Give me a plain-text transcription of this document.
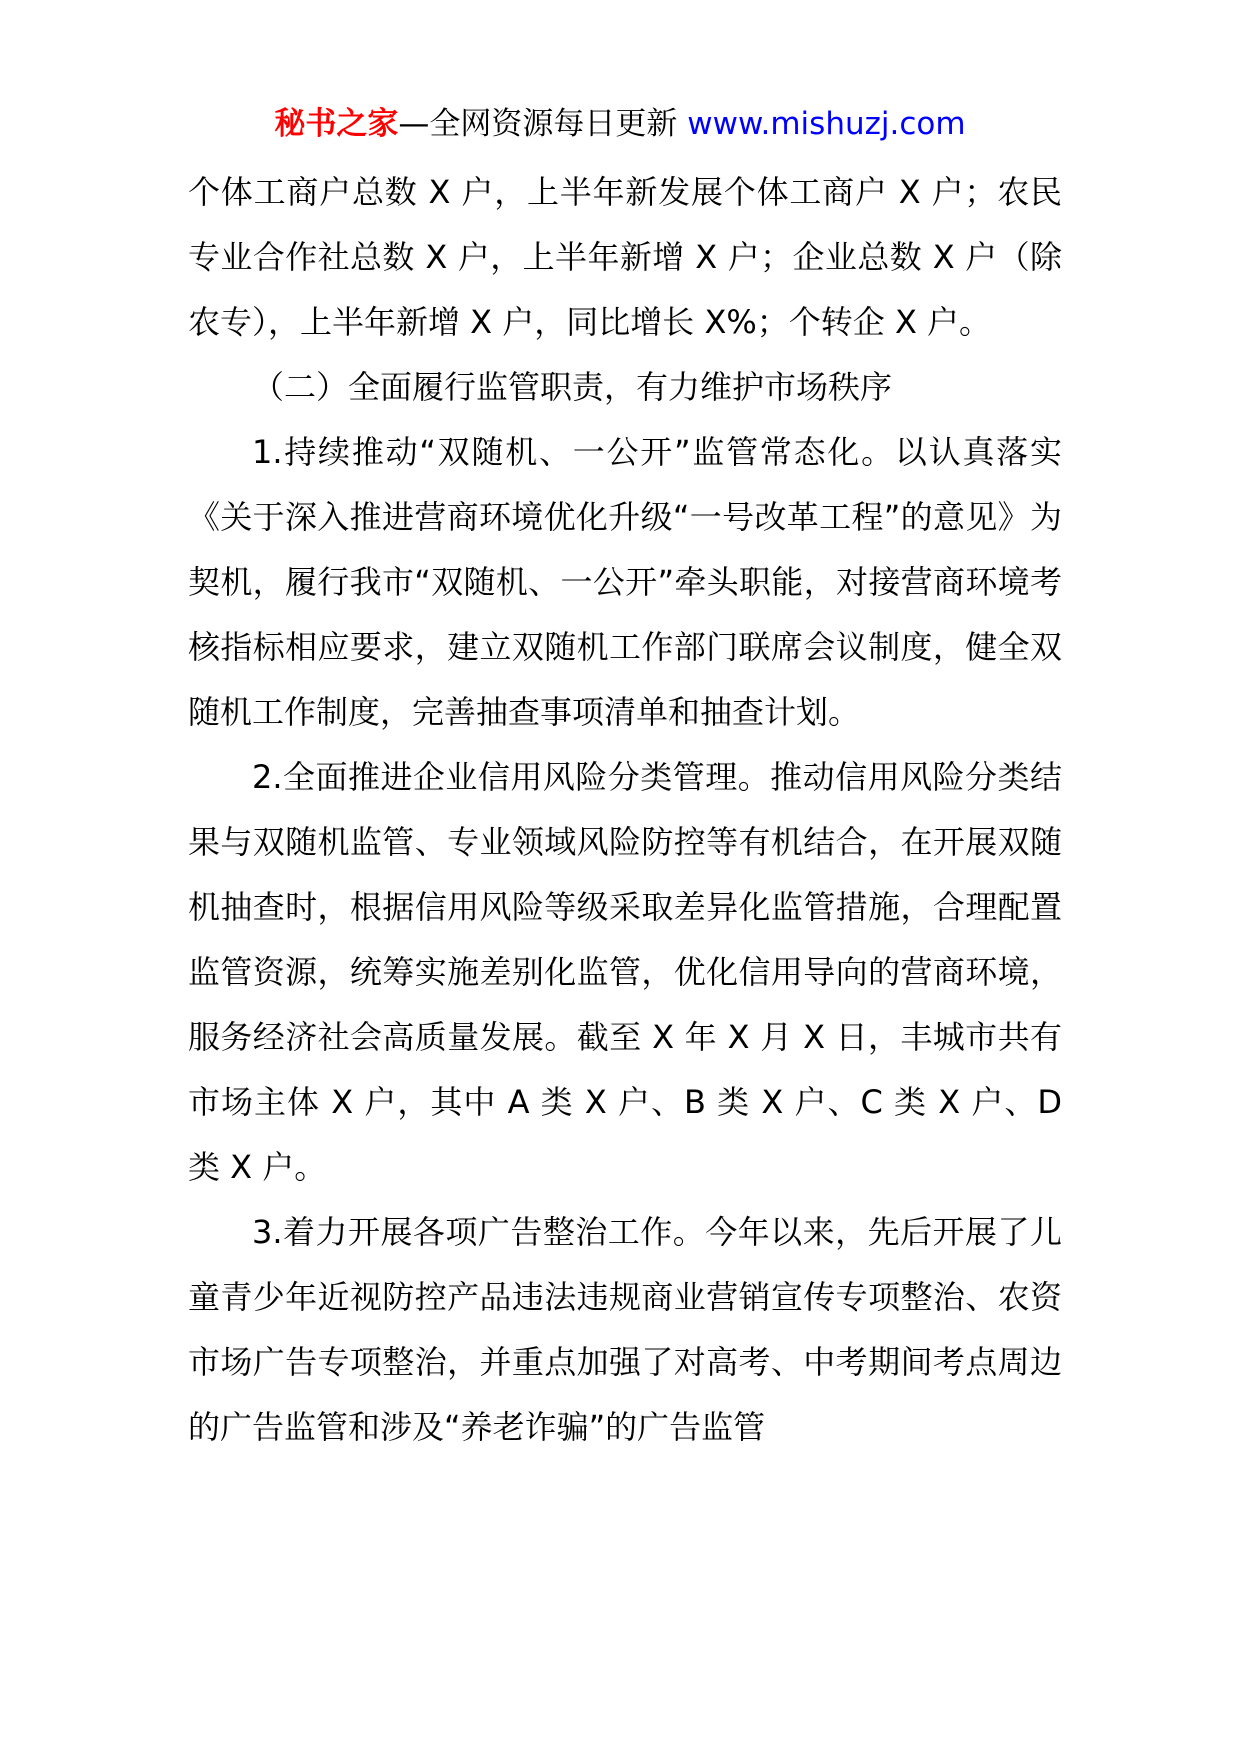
秘书之家—全网资源每日更新 www.mishuzj.com

个体工商户总数 X 户，上半年新发展个体工商户 X 户；农民专业合作社总数 X 户，上半年新增 X 户；企业总数 X 户（除农专），上半年新增 X 户，同比增长 X%；个转企 X 户。

（二）全面履行监管职责，有力维护市场秩序

1.持续推动“双随机、一公开”监管常态化。以认真落实《关于深入推进营商环境优化升级“一号改革工程”的意见》为契机，履行我市“双随机、一公开”牵头职能，对接营商环境考核指标相应要求，建立双随机工作部门联席会议制度，健全双随机工作制度，完善抽查事项清单和抽查计划。

2.全面推进企业信用风险分类管理。推动信用风险分类结果与双随机监管、专业领域风险防控等有机结合，在开展双随机抽查时，根据信用风险等级采取差异化监管措施，合理配置监管资源，统筹实施差别化监管，优化信用导向的营商环境，服务经济社会高质量发展。截至 X 年 X 月 X 日，丰城市共有市场主体 X 户，其中 A 类 X 户、B 类 X 户、C 类 X 户、D 类 X 户。

3.着力开展各项广告整治工作。今年以来，先后开展了儿童青少年近视防控产品违法违规商业营销宣传专项整治、农资市场广告专项整治，并重点加强了对高考、中考期间考点周边的广告监管和涉及“养老诈骗”的广告监管
